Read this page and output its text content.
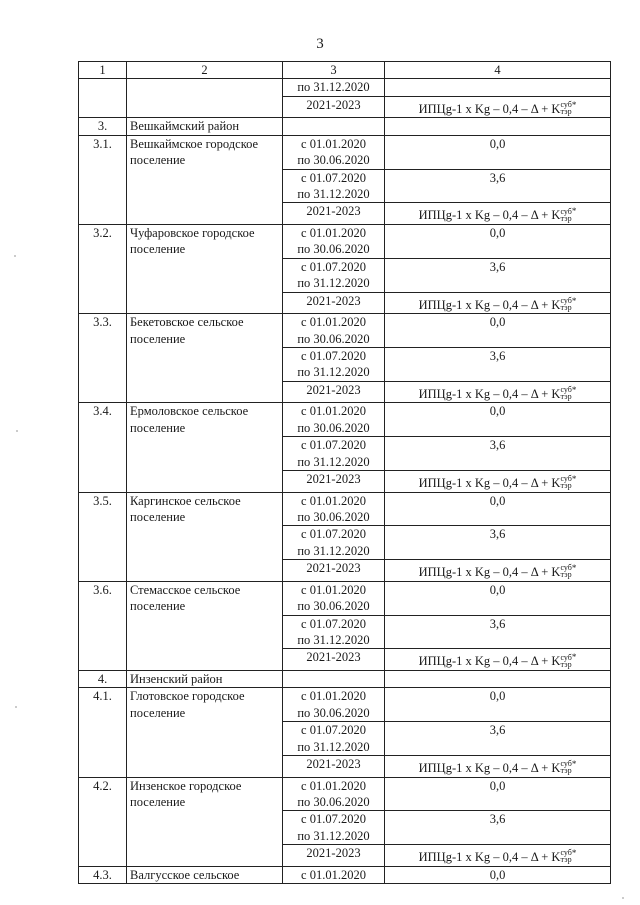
3
1	2	3	4
		по 31.12.2020	
		2021-2023	ИПЦg-1 x Kg – 0,4 – Δ + K суб
тэр
*
3.	Вешкаймский район		
3.1.	Вешкаймское городское поселение	с 01.01.2020
по 30.06.2020	0,0

		с 01.07.2020
по 31.12.2020	3,6
		2021-2023	ИПЦg-1 x Kg – 0,4 – Δ + K суб
тэр
*
3.2.	Чуфаровское городское поселение	с 01.01.2020
по 30.06.2020	0,0

		с 01.07.2020
по 31.12.2020	3,6
		2021-2023	ИПЦg-1 x Kg – 0,4 – Δ + K суб
тэр
*
3.3.	Бекетовское сельское поселение	с 01.01.2020
по 30.06.2020	0,0

		с 01.07.2020
по 31.12.2020	3,6
		2021-2023	ИПЦg-1 x Kg – 0,4 – Δ + K суб
тэр
*
3.4.	Ермоловское сельское поселение	с 01.01.2020
по 30.06.2020	0,0

		с 01.07.2020
по 31.12.2020	3,6
		2021-2023	ИПЦg-1 x Kg – 0,4 – Δ + K суб
тэр
*
3.5.	Каргинское сельское поселение	с 01.01.2020
по 30.06.2020	0,0

		с 01.07.2020
по 31.12.2020	3,6
		2021-2023	ИПЦg-1 x Kg – 0,4 – Δ + K суб
тэр
*
3.6.	Стемасское сельское поселение	с 01.01.2020
по 30.06.2020	0,0

		с 01.07.2020
по 31.12.2020	3,6
		2021-2023	ИПЦg-1 x Kg – 0,4 – Δ + K суб
тэр
*
4.	Инзенский район		
4.1.	Глотовское городское поселение	с 01.01.2020
по 30.06.2020	0,0

		с 01.07.2020
по 31.12.2020	3,6
		2021-2023	ИПЦg-1 x Kg – 0,4 – Δ + K суб
тэр
*
4.2.	Инзенское городское поселение	с 01.01.2020
по 30.06.2020	0,0

		с 01.07.2020
по 31.12.2020	3,6
		2021-2023	ИПЦg-1 x Kg – 0,4 – Δ + K суб
тэр
*
4.3.	Валгусское сельское	с 01.01.2020	0,0
